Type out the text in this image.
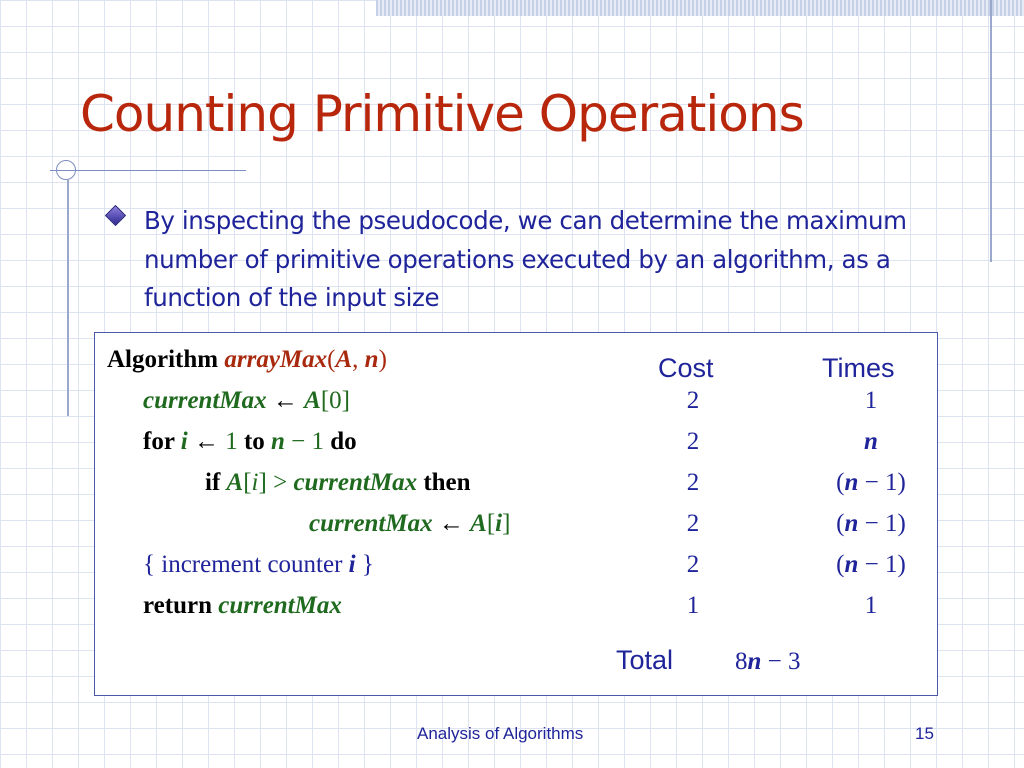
Counting Primitive Operations

By inspecting the pseudocode, we can determine the maximum number of primitive operations executed by an algorithm, as a function of the input size

Algorithm arrayMax(A, n)
currentMax ← A[0]
for i ← 1 to n − 1 do
if A[i] > currentMax then
currentMax ← A[i]
{ increment counter i }
return currentMax
Cost	Times
2
2
2
2
2
1
1
n
(n − 1)
(n − 1)
(n − 1)
1
Total 8n − 3
Analysis of Algorithms	15
